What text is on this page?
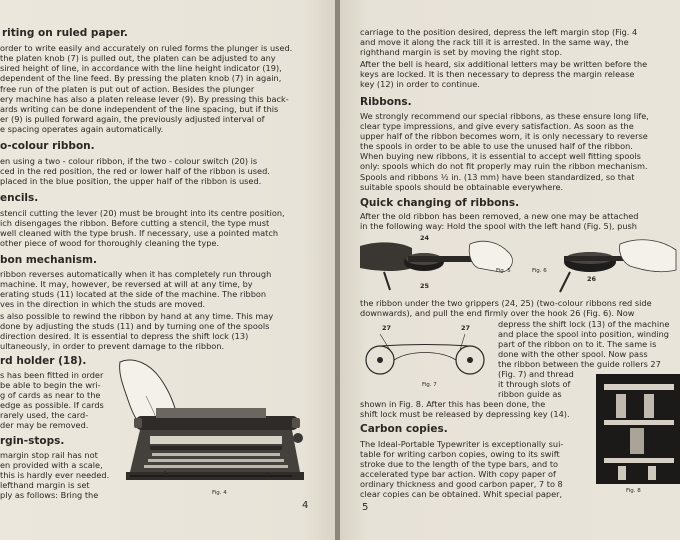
riting on ruled paper.
order to write easily and accurately on ruled forms the plunger is used.
the platen knob (7) is pulled out, the platen can be adjusted to any
sired height of line, in accordance with the line height indicator (19),
dependent of the line feed. By pressing the platen knob (7) in again,
free run of the platen is put out of action. Besides the plunger
ery machine has also a platen release lever (9). By pressing this back-
ards writing can be done independent of the line spacing, but if this
er (9) is pulled forward again, the previously adjusted interval of
e spacing operates again automatically.
o-colour ribbon.
en using a two - colour ribbon, if the two - colour switch (20) is
ced in the red position, the red or lower half of the ribbon is used.
placed in the blue position, the upper half of the ribbon is used.
encils.
stencil cutting the lever (20) must be brought into its centre position,
ich disengages the ribbon. Before cutting a stencil, the type must
well cleaned with the type brush. If necessary, use a pointed match
other piece of wood for thoroughly cleaning the type.
bon mechanism.
ribbon reverses automatically when it has completely run through
machine. It may, however, be reversed at will at any time, by
erating studs (11) located at the side of the machine. The ribbon
ves in the direction in which the studs are moved.
s also possible to rewind the ribbon by hand at any time. This may
done by adjusting the studs (11) and by turning one of the spools
direction desired. It is essential to depress the shift lock (13)
ultaneously, in order to prevent damage to the ribbon.
rd holder (18).
s has been fitted in order
be able to begin the wri-
g of cards as near to the
edge as possible. If cards
rarely used, the card-
der may be removed.
rgin-stops.
margin stop rail has not
en provided with a scale,
this is hardly ever needed.
lefthand margin is set
ply as follows: Bring the
b	a
Fig. 4
4
carriage to the position desired, depress the left margin stop (Fig. 4
and move it along the rack till it is arrested. In the same way, the
righthand margin is set by moving the right stop.
After the bell is heard, six additional letters may be written before the
keys are locked. It is then necessary to depress the margin release
key (12) in order to continue.
Ribbons.
We strongly recommend our special ribbons, as these ensure long life,
clear type impressions, and give every satisfaction. As soon as the
upper half of the ribbon becomes worn, it is only necessary to reverse
the spools in order to be able to use the unused half of the ribbon.
When buying new ribbons, it is essential to accept well fitting spools
only: spools which do not fit properly may ruin the ribbon mechanism.
Spools and ribbons ½ in. (13 mm) have been standardized, so that
suitable spools should be obtainable everywhere.
Quick changing of ribbons.
After the old ribbon has been removed, a new one may be attached
in the following way: Hold the spool with the left hand (Fig. 5), push
24
25
Fig. 5
26
Fig. 6
the ribbon under the two grippers (24, 25) (two-colour ribbons red side
downwards), and pull the end firmly over the hook 26 (Fig. 6). Now
27	27
Fig. 7
depress the shift lock (13) of the machine
and place the spool into position, winding
part of the ribbon on to it. The same is
done with the other spool. Now pass
the ribbon between the guide rollers 27
(Fig. 7) and thread
it through slots of
ribbon guide as
shown in Fig. 8. After this has been done, the
shift lock must be released by depressing key (14).
Fig. 8
Carbon copies.
The Ideal-Portable Typewriter is exceptionally sui-
table for writing carbon copies, owing to its swift
stroke due to the length of the type bars, and to
accelerated type bar action. With copy paper of
ordinary thickness and good carbon paper, 7 to 8
clear copies can be obtained. Whit special paper,
5
